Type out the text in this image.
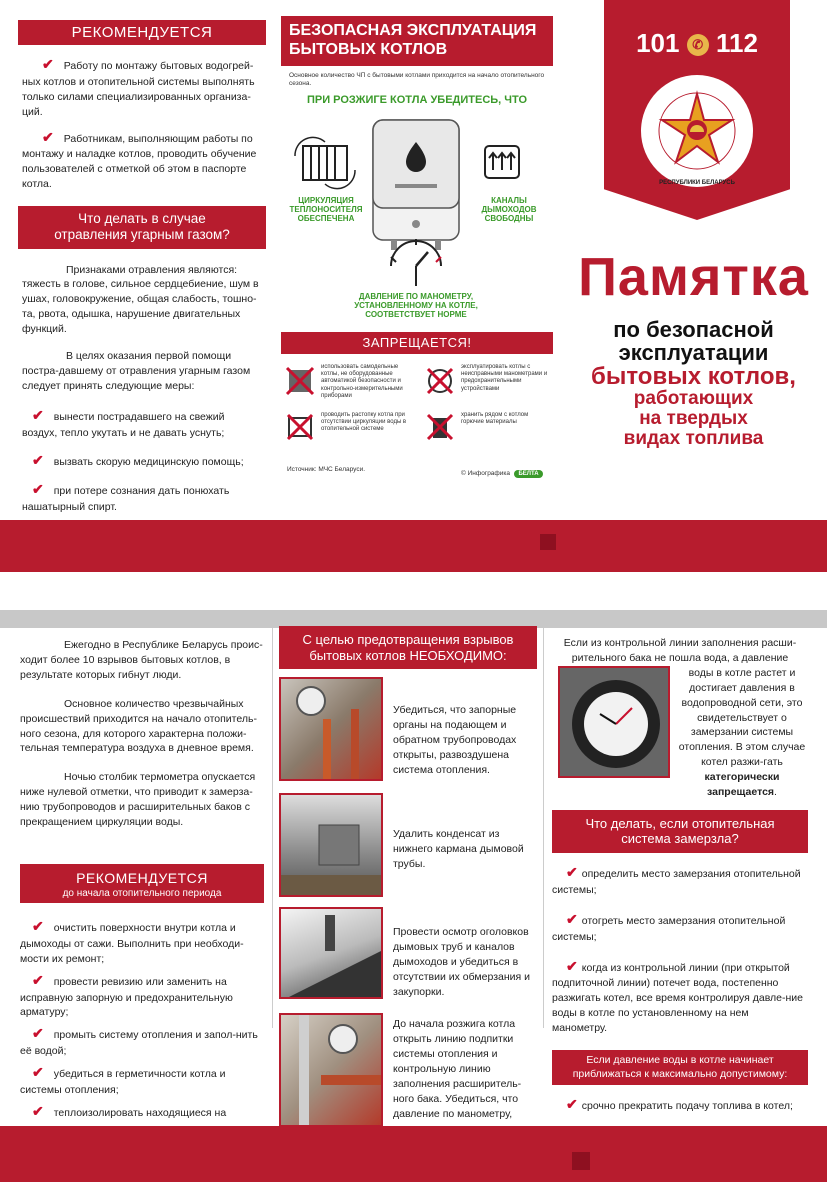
РЕКОМЕНДУЕТСЯ

✔ Работу по монтажу бытовых водогрей-ных котлов и отопительной системы выполнять только силами специализированных организа-ций.

✔ Работникам, выполняющим работы по монтажу и наладке котлов, проводить обучение пользователей с отметкой об этом в паспорте котла.

Что делать в случае отравления угарным газом?

Признаками отравления являются: тяжесть в голове, сильное сердцебиение, шум в ушах, головокружение, общая слабость, тошно-та, рвота, одышка, нарушение двигательных функций.

В целях оказания первой помощи постра-давшему от отравления угарным газом следует принять следующие меры:

✔ вынести пострадавшего на свежий воздух, тепло укутать и не давать уснуть;

✔ вызвать скорую медицинскую помощь;

✔ при потере сознания дать понюхать нашатырный спирт.

БЕЗОПАСНАЯ ЭКСПЛУАТАЦИЯ БЫТОВЫХ КОТЛОВ
Основное количество ЧП с бытовыми котлами приходится на начало отопительного сезона.
ПРИ РОЗЖИГЕ КОТЛА УБЕДИТЕСЬ, ЧТО
ЦИРКУЛЯЦИЯ ТЕПЛОНОСИТЕЛЯ ОБЕСПЕЧЕНА
КАНАЛЫ ДЫМОХОДОВ СВОБОДНЫ
ДАВЛЕНИЕ ПО МАНОМЕТРУ, УСТАНОВЛЕННОМУ НА КОТЛЕ, СООТВЕТСТВУЕТ НОРМЕ
ЗАПРЕЩАЕТСЯ!
использовать самодельные котлы, не оборудованные автоматикой безопасности и контрольно-измерительными приборами
эксплуатировать котлы с неисправными манометрами и предохранительными устройствами
проводить растопку котла при отсутствии циркуляции воды в отопительной системе
хранить рядом с котлом горючие материалы
Источник: МЧС Беларуси.
© Инфографика БЕЛТА
101 ✆ 112
РЕСПУБЛИКИ БЕЛАРУСЬ
Памятка
по безопасной
эксплуатации
бытовых котлов,
работающих
на твердых
видах топлива

Ежегодно в Республике Беларусь проис-ходит более 10 взрывов бытовых котлов, в результате которых гибнут люди.

Основное количество чрезвычайных происшествий приходится на начало отопитель-ного сезона, для которого характерна положи-тельная температура воздуха в дневное время.

Ночью столбик термометра опускается ниже нулевой отметки, что приводит к замерза-нию трубопроводов и расширительных баков с прекращением циркуляции воды.

РЕКОМЕНДУЕТСЯ
до начала отопительного периода

✔ очистить поверхности внутри котла и дымоходы от сажи. Выполнить при необходи-мости их ремонт;

✔ провести ревизию или заменить на исправную запорную и предохранительную арматуру;

✔ промыть систему отопления и запол-нить её водой;

✔ убедиться в герметичности котла и системы отопления;

✔ теплоизолировать находящиеся на

С целью предотвращения взрывов бытовых котлов НЕОБХОДИМО:
Убедиться, что запорные органы на подающем и обратном трубопроводах открыты, развоздушена система отопления.
Удалить конденсат из нижнего кармана дымовой трубы.
Провести осмотр оголовков дымовых труб и каналов дымоходов и убедиться в отсутствии их обмерзания и закупорки.
До начала розжига котла открыть линию подпитки системы отопления и контрольную линию заполнения расширитель-ного бака. Убедиться, что давление по манометру,
Если из контрольной линии заполнения расши-рительного бака не пошла вода, а давление
воды в котле растет и достигает давления в водопроводной сети, это свидетельствует о замерзании системы отопления. В этом случае котел разжи-гать категорически запрещается.
Что делать, если отопительная система замерзла?

✔ определить место замерзания отопительной системы;

✔ отогреть место замерзания отопительной системы;

✔ когда из контрольной линии (при открытой подпиточной линии) потечет вода, постепенно разжигать котел, все время контролируя давле-ние воды в котле по установленному на нем манометру.

Если давление воды в котле начинает приближаться к максимально допустимому:

✔ срочно прекратить подачу топлива в котел;
